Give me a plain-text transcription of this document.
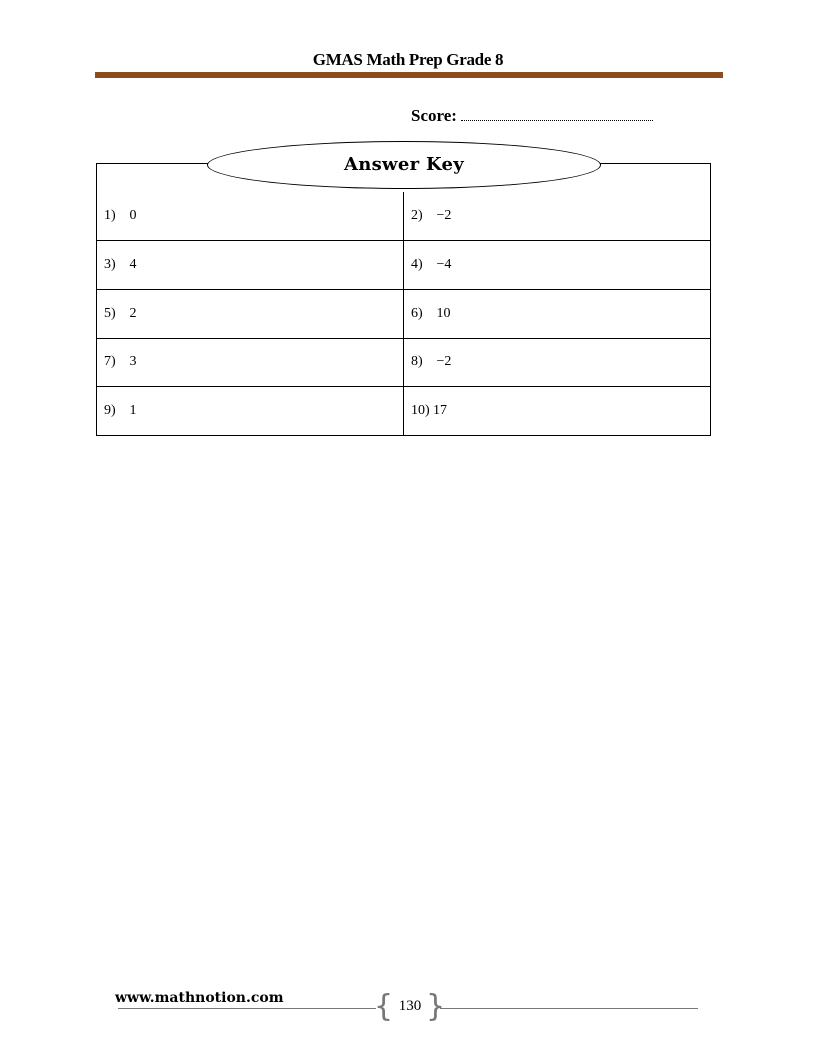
GMAS Math Prep Grade 8
Score:
1) 0	2) −2
3) 4	4) −4
5) 2	6) 10
7) 3	8) −2
9) 1	10) 17
Answer Key
www.mathnotion.com	{ }
130
